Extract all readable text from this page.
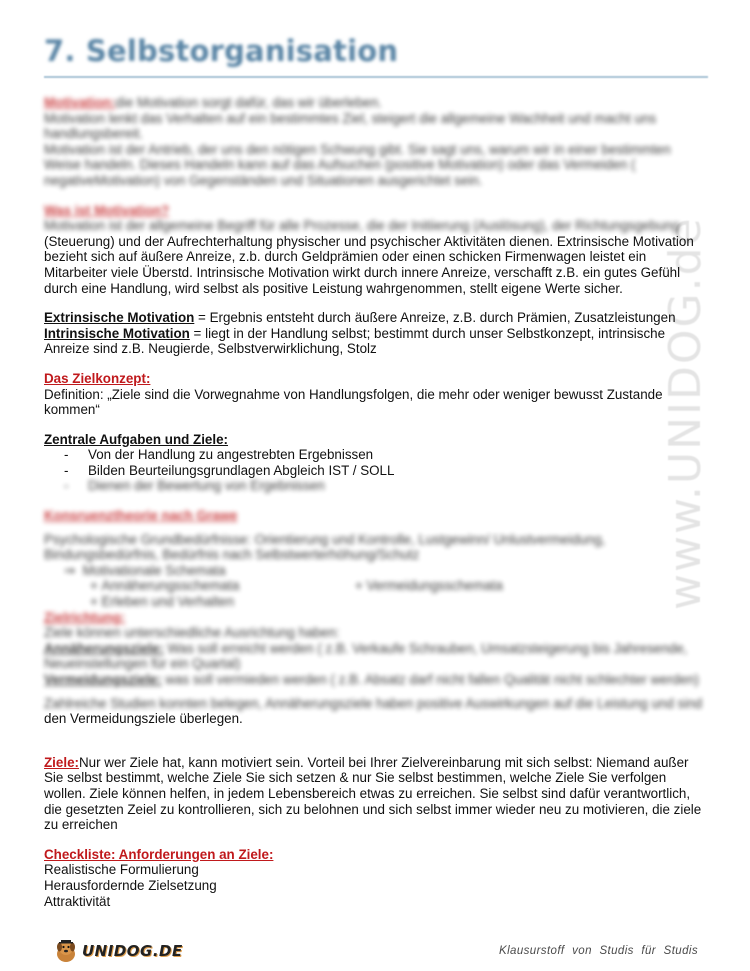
www.UNIDOG.de
7. Selbstorganisation
Motivation:die Motivation sorgt dafür, das wir überleben.
Motivation lenkt das Verhalten auf ein bestimmtes Ziel, steigert die allgemeine Wachheit und macht uns handlungsbereit.
Motivation ist der Antrieb, der uns den nötigen Schwung gibt. Sie sagt uns, warum wir in einer bestimmten Weise handeln. Dieses Handeln kann auf das Aufsuchen (positive Motivation) oder das Vermeiden ( negativeMotivation) von Gegenständen und Situationen ausgerichtet sein.
Was ist Motivation?
Motivation ist der allgemeine Begriff für alle Prozesse, die der Initiierung (Auslösung), der Richtungsgebung
(Steuerung) und der Aufrechterhaltung physischer und psychischer Aktivitäten dienen. Extrinsische Motivation bezieht sich auf äußere Anreize, z.b. durch Geldprämien oder einen schicken Firmenwagen leistet ein Mitarbeiter viele Überstd. Intrinsische Motivation wirkt durch innere Anreize, verschafft z.B. ein gutes Gefühl durch eine Handlung, wird selbst als positive Leistung wahrgenommen, stellt eigene Werte sicher.
Extrinsische Motivation = Ergebnis entsteht durch äußere Anreize, z.B. durch Prämien, Zusatzleistungen
Intrinsische Motivation = liegt in der Handlung selbst; bestimmt durch unser Selbstkonzept, intrinsische Anreize sind z.B. Neugierde, Selbstverwirklichung, Stolz
Das Zielkonzept:
Definition: „Ziele sind die Vorwegnahme von Handlungsfolgen, die mehr oder weniger bewusst Zustande kommen“
Zentrale Aufgaben und Ziele:
- Von der Handlung zu angestrebten Ergebnissen
- Bilden Beurteilungsgrundlagen Abgleich IST / SOLL
- Dienen der Bewertung von Ergebnissen
Konsruenztheorie nach Grawe
Psychologische Grundbedürfnisse: Orientierung und Kontrolle, Lustgewinn/ Unlustvermeidung, Bindungsbedürfnis, Bedürfnis nach Selbstwerterhöhung/Schutz
⇒  Motivationale Schemata
+ Annäherungsschemata	+ Vermeidungsschemata
+ Erleben und Verhalten
Zielrichtung:
Ziele können unterschiedliche Ausrichtung haben:
Annäherungsziele: Was soll erreicht werden ( z.B. Verkaufe Schrauben, Umsatzsteigerung bis Jahresende, Neueinstellungen für ein Quartal)
Vermeidungsziele: was soll vermieden werden ( z.B. Absatz darf nicht fallen Qualität nicht schlechter werden)
Zahlreiche Studien konnten belegen, Annäherungsziele haben positive Auswirkungen auf die Leistung und sind
den Vermeidungsziele überlegen.
Ziele:Nur wer Ziele hat, kann motiviert sein. Vorteil bei Ihrer Zielvereinbarung mit sich selbst: Niemand außer Sie selbst bestimmt, welche Ziele Sie sich setzen & nur Sie selbst bestimmen, welche Ziele Sie verfolgen wollen. Ziele können helfen, in jedem Lebensbereich etwas zu erreichen. Sie selbst sind dafür verantwortlich, die gesetzten Zeiel zu kontrollieren, sich zu belohnen und sich selbst immer wieder neu zu motivieren, die ziele zu erreichen
Checkliste: Anforderungen an Ziele:
Realistische Formulierung
Herausfordernde Zielsetzung
Attraktivität
UNIDOG.DE	Klausurstoff von Studis für Studis
